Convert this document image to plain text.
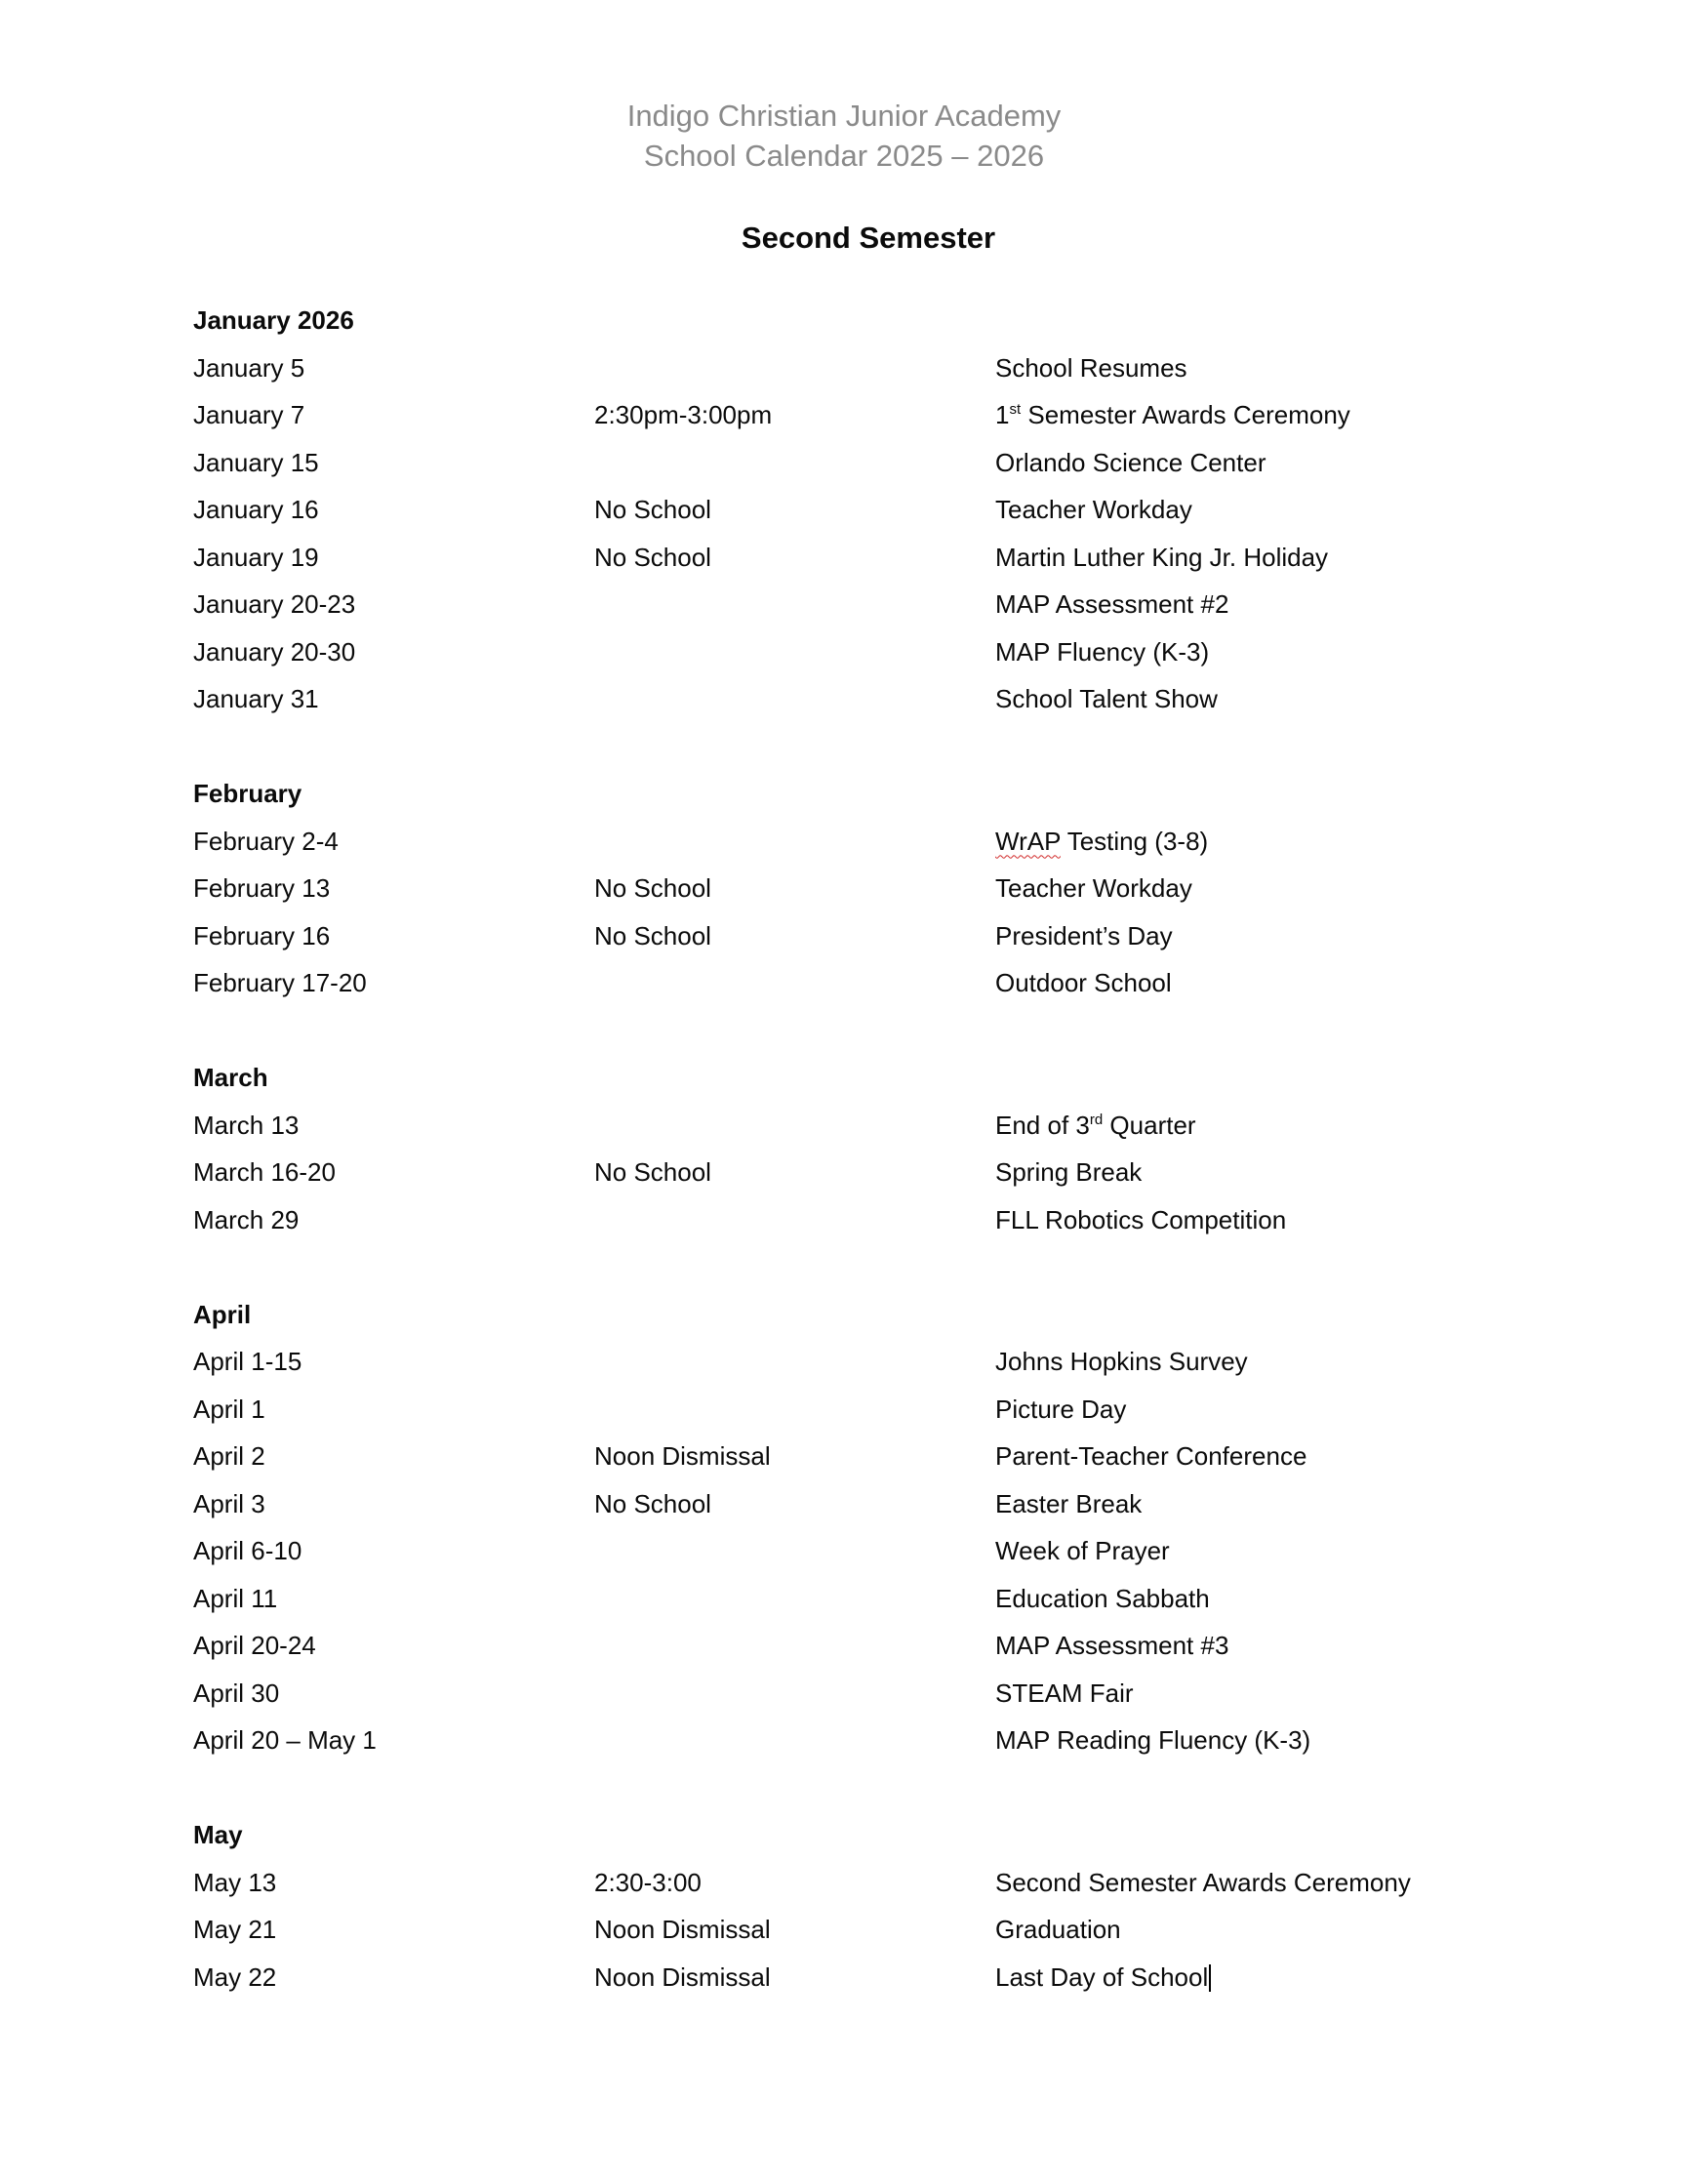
Indigo Christian Junior Academy
School Calendar 2025 – 2026
Second Semester
January 2026
January 5	School Resumes
January 7	2:30pm-3:00pm	1st Semester Awards Ceremony
January 15	Orlando Science Center
January 16	No School	Teacher Workday
January 19	No School	Martin Luther King Jr. Holiday
January 20-23	MAP Assessment #2
January 20-30	MAP Fluency (K-3)
January 31	School Talent Show
February
February 2-4	WrAP Testing (3-8)
February 13	No School	Teacher Workday
February 16	No School	President’s Day
February 17-20	Outdoor School
March
March 13	End of 3rd Quarter
March 16-20	No School	Spring Break
March 29	FLL Robotics Competition
April
April 1-15	Johns Hopkins Survey
April 1	Picture Day
April 2	Noon Dismissal	Parent-Teacher Conference
April 3	No School	Easter Break
April 6-10	Week of Prayer
April 11	Education Sabbath
April 20-24	MAP Assessment #3
April 30	STEAM Fair
April 20 – May 1	MAP Reading Fluency (K-3)
May
May 13	2:30-3:00	Second Semester Awards Ceremony
May 21	Noon Dismissal	Graduation
May 22	Noon Dismissal	Last Day of School
